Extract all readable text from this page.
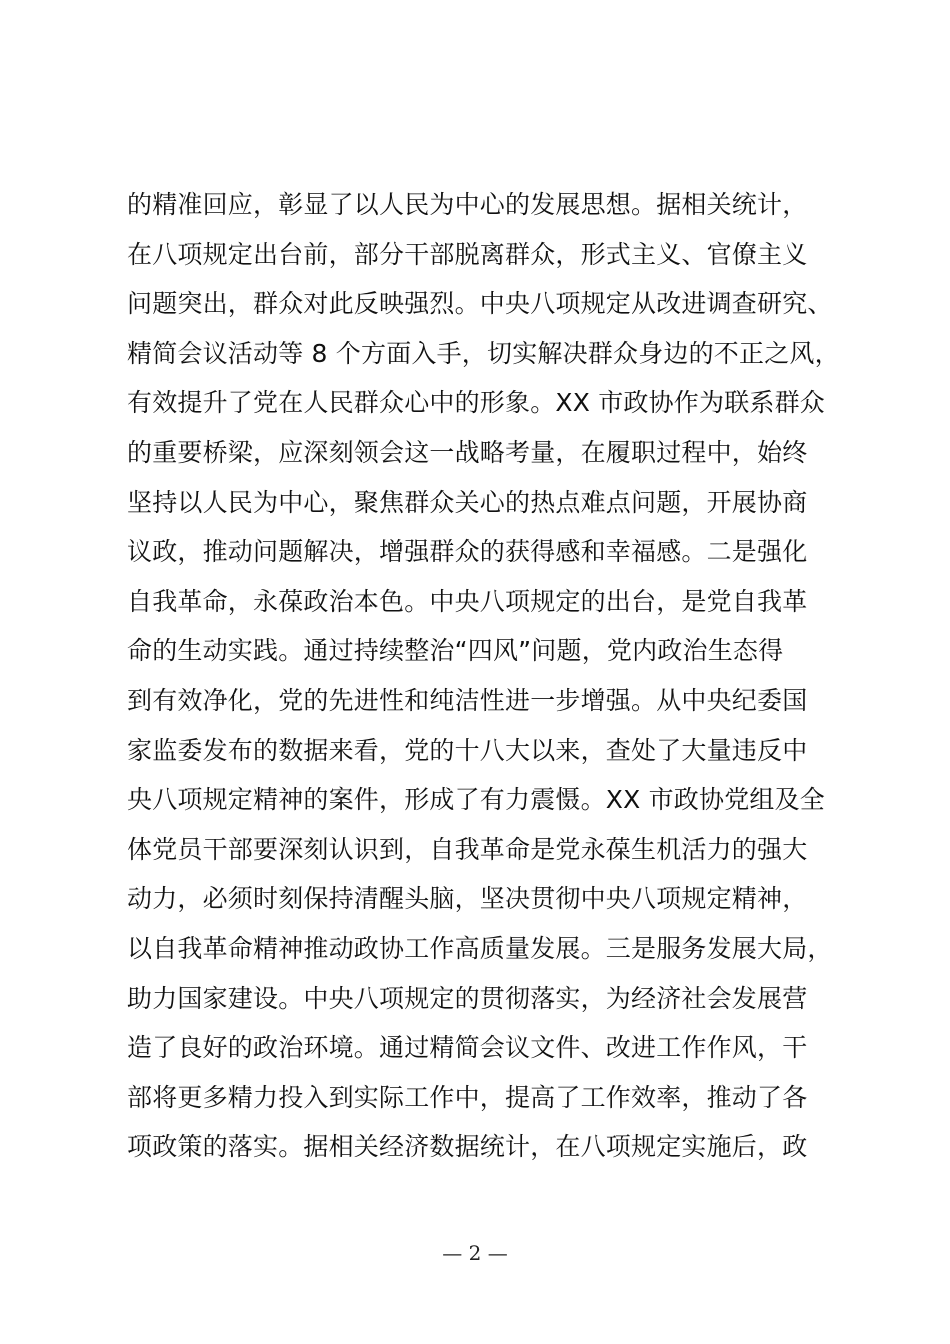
的精准回应，彰显了以人民为中心的发展思想。据相关统计，
在八项规定出台前，部分干部脱离群众，形式主义、官僚主义
问题突出，群众对此反映强烈。中央八项规定从改进调查研究、
精简会议活动等 8 个方面入手，切实解决群众身边的不正之风，
有效提升了党在人民群众心中的形象。XX 市政协作为联系群众
的重要桥梁，应深刻领会这一战略考量，在履职过程中，始终
坚持以人民为中心，聚焦群众关心的热点难点问题，开展协商
议政，推动问题解决，增强群众的获得感和幸福感。二是强化
自我革命，永葆政治本色。中央八项规定的出台，是党自我革
命的生动实践。通过持续整治“四风”问题，党内政治生态得
到有效净化，党的先进性和纯洁性进一步增强。从中央纪委国
家监委发布的数据来看，党的十八大以来，查处了大量违反中
央八项规定精神的案件，形成了有力震慑。XX 市政协党组及全
体党员干部要深刻认识到，自我革命是党永葆生机活力的强大
动力，必须时刻保持清醒头脑，坚决贯彻中央八项规定精神，
以自我革命精神推动政协工作高质量发展。三是服务发展大局，
助力国家建设。中央八项规定的贯彻落实，为经济社会发展营
造了良好的政治环境。通过精简会议文件、改进工作作风，干
部将更多精力投入到实际工作中，提高了工作效率，推动了各
项政策的落实。据相关经济数据统计，在八项规定实施后，政
— 2 —
